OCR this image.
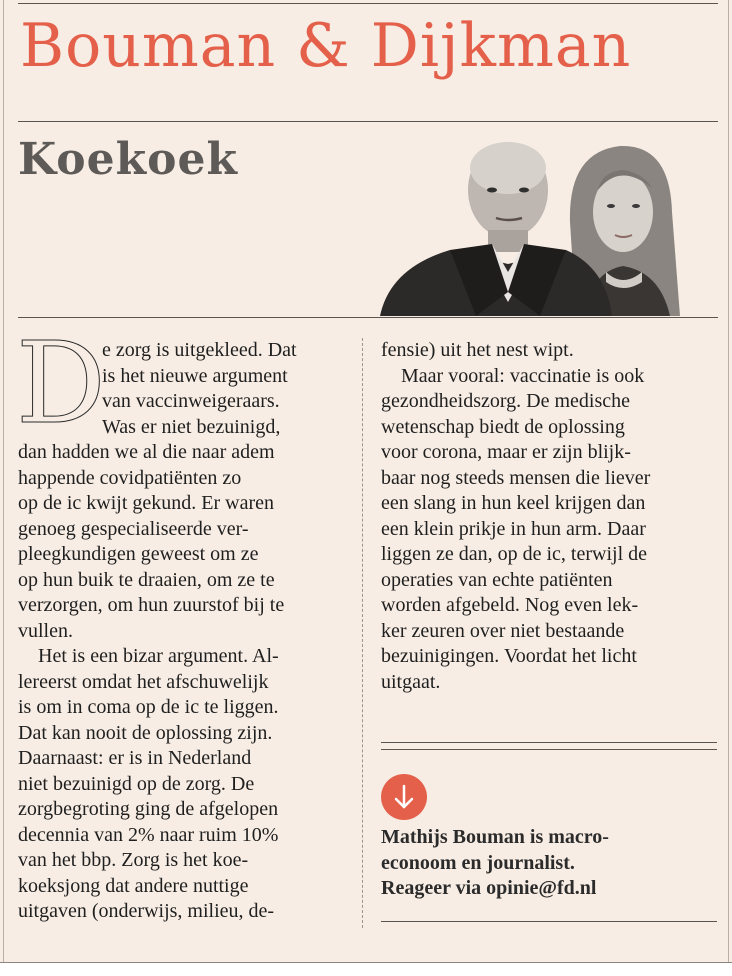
Bouman & Dijkman
Koekoek
D

e zorg is uitgekleed. Dat
is het nieuwe argument
van vaccinweigeraars.
Was er niet bezuinigd,
dan hadden we al die naar adem
happende covidpatiënten zo
op de ic kwijt gekund. Er waren
genoeg gespecialiseerde ver-
pleegkundigen geweest om ze
op hun buik te draaien, om ze te
verzorgen, om hun zuurstof bij te
vullen.

Het is een bizar argument. Al-
lereerst omdat het afschuwelijk
is om in coma op de ic te liggen.
Dat kan nooit de oplossing zijn.
Daarnaast: er is in Nederland
niet bezuinigd op de zorg. De
zorgbegroting ging de afgelopen
decennia van 2% naar ruim 10%
van het bbp. Zorg is het koe-
koeksjong dat andere nuttige
uitgaven (onderwijs, milieu, de-

fensie) uit het nest wipt.

Maar vooral: vaccinatie is ook
gezondheidszorg. De medische
wetenschap biedt de oplossing
voor corona, maar er zijn blijk-
baar nog steeds mensen die liever
een slang in hun keel krijgen dan
een klein prikje in hun arm. Daar
liggen ze dan, op de ic, terwijl de
operaties van echte patiënten
worden afgebeld. Nog even lek-
ker zeuren over niet bestaande
bezuinigingen. Voordat het licht
uitgaat.

Mathijs Bouman is macro-
econoom en journalist.
Reageer via opinie@fd.nl
